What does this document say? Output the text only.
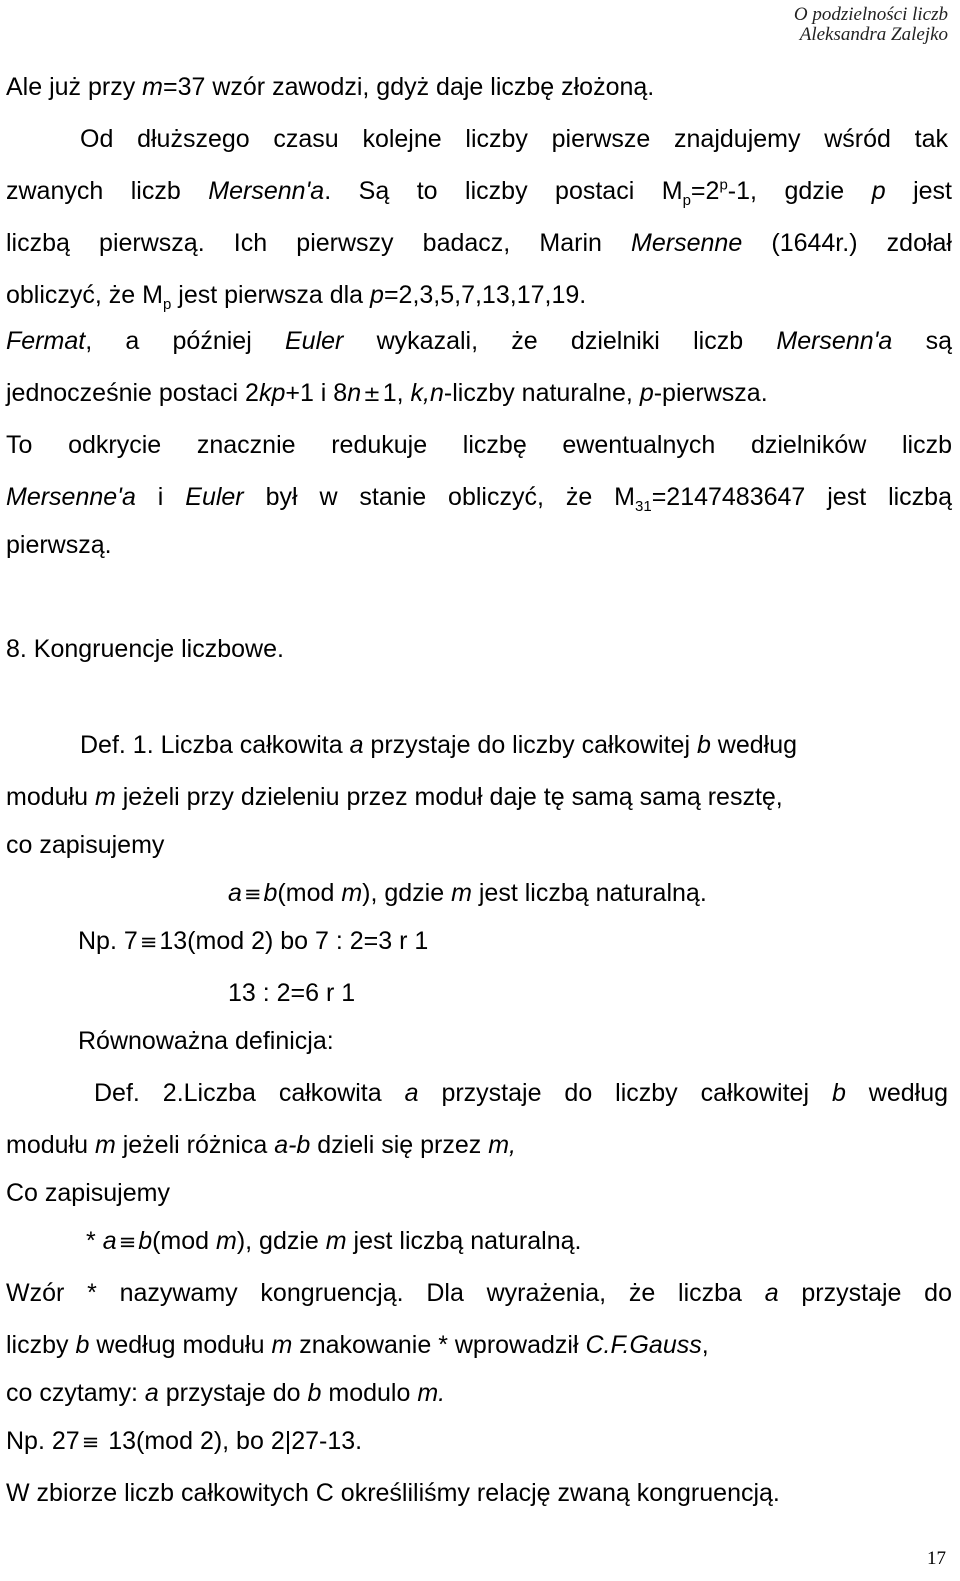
O podzielności liczb
Aleksandra Zalejko
Ale już przy m=37 wzór zawodzi, gdyż daje liczbę złożoną.
Od dłuższego czasu kolejne liczby pierwsze znajdujemy wśród tak
zwanych liczb Mersenn'a. Są to liczby postaci $M_p=2^p-1$, gdzie p jest
liczbą pierwszą. Ich pierwszy badacz, Marin Mersenne (1644r.) zdołał
obliczyć, że $M_p$ jest pierwsza dla p=2,3,5,7,13,17,19.
Fermat, a później Euler wykazali, że dzielniki liczb Mersenn'a są
jednocześnie postaci 2kp+1 i 8n±1, k,n-liczby naturalne, p-pierwsza.
To odkrycie znacznie redukuje liczbę ewentualnych dzielników liczb
Mersenne'a i Euler był w stanie obliczyć, że $M_{31}=2147483647$ jest liczbą
pierwszą.
8. Kongruencje liczbowe.
Def. 1. Liczba całkowita a przystaje do liczby całkowitej b według
modułu m jeżeli przy dzieleniu przez moduł daje tę samą samą resztę,
co zapisujemy
a≡b(mod m), gdzie m jest liczbą naturalną.
Np. 7≡13(mod 2) bo 7 : 2=3 r 1
13 : 2=6 r 1
Równoważna definicja:
Def. 2.Liczba całkowita a przystaje do liczby całkowitej b według
modułu m jeżeli różnica a-b dzieli się przez m,
Co zapisujemy
* a≡b(mod m), gdzie m jest liczbą naturalną.
Wzór * nazywamy kongruencją. Dla wyrażenia, że liczba a przystaje do
liczby b według modułu m znakowanie * wprowadził C.F.Gauss,
co czytamy: a przystaje do b modulo m.
Np. 27≡ 13(mod 2), bo 2|27-13.
W zbiorze liczb całkowitych C określiliśmy relację zwaną kongruencją.
17
